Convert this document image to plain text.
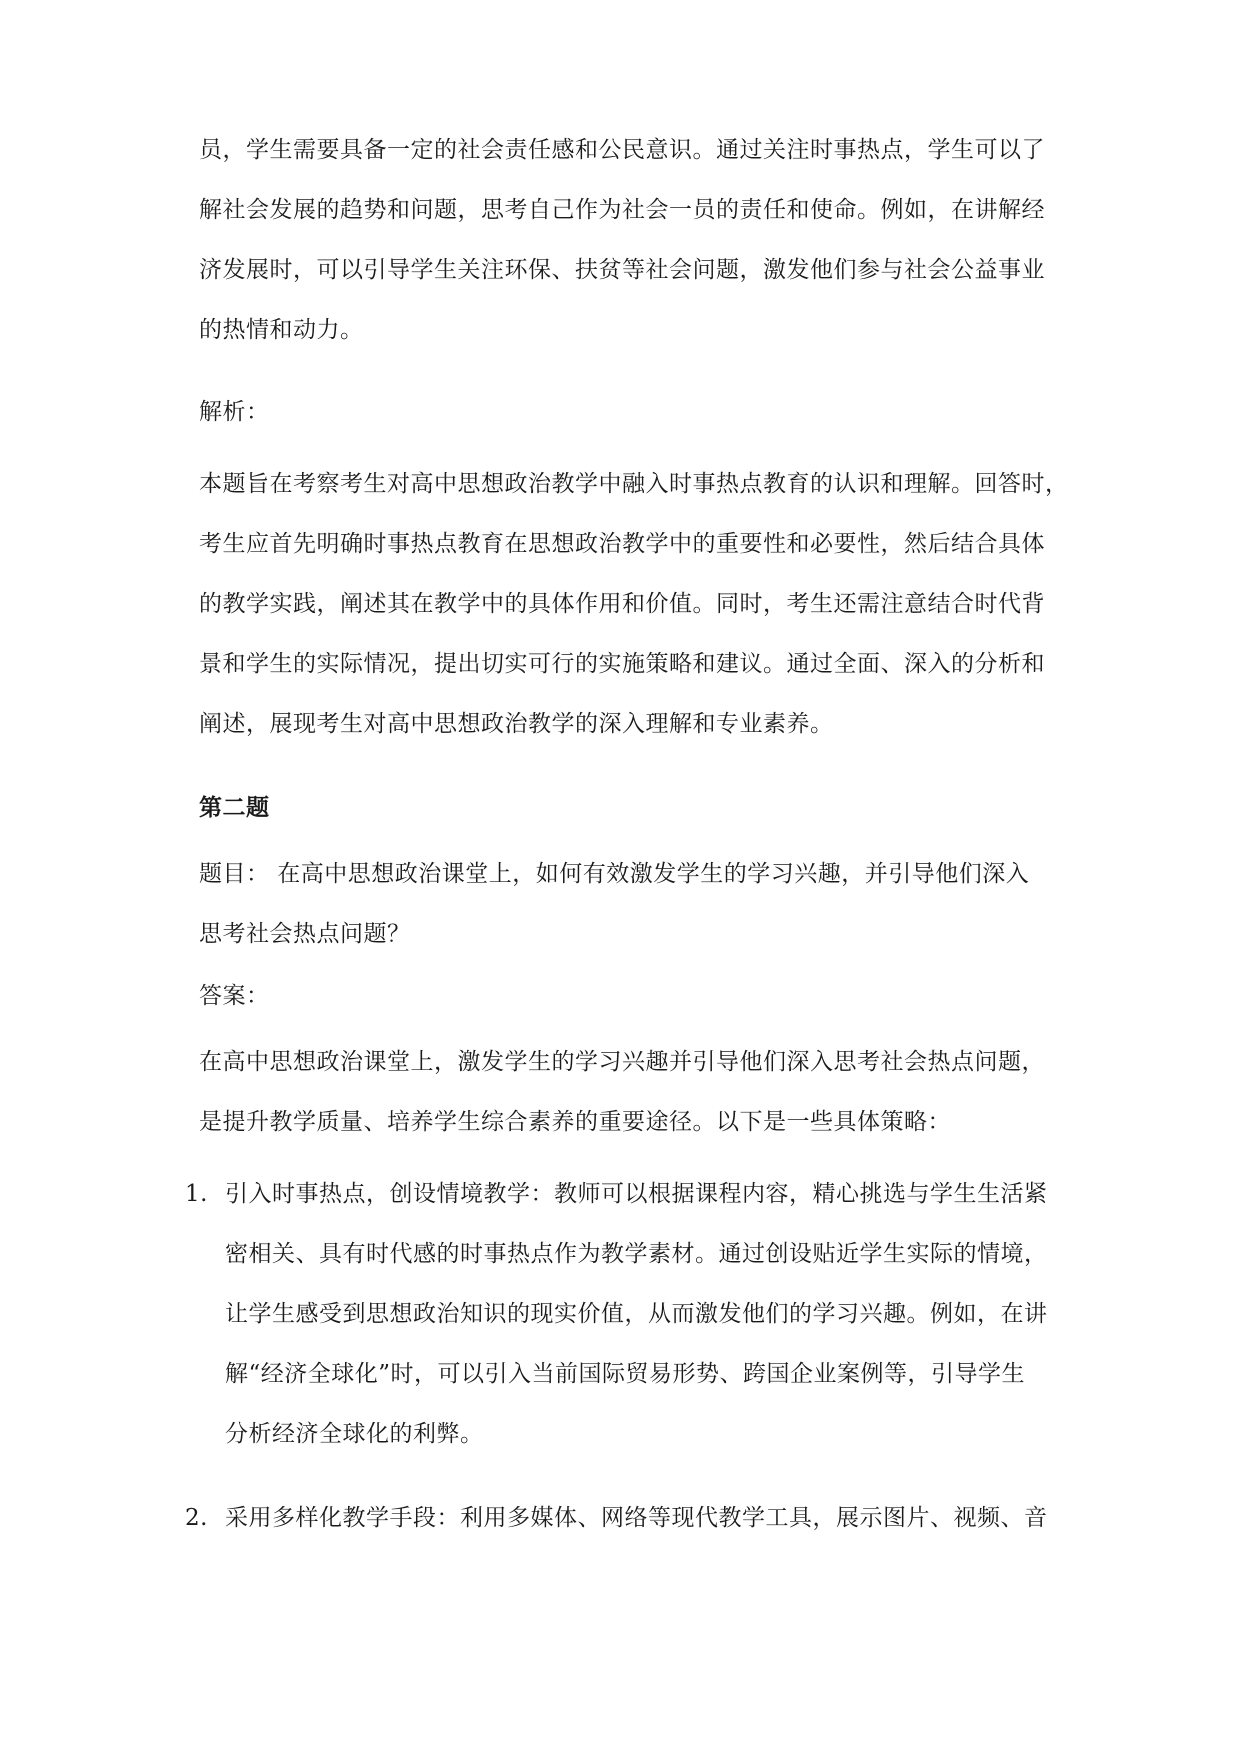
员，学生需要具备一定的社会责任感和公民意识。通过关注时事热点，学生可以了
解社会发展的趋势和问题，思考自己作为社会一员的责任和使命。例如，在讲解经
济发展时，可以引导学生关注环保、扶贫等社会问题，激发他们参与社会公益事业
的热情和动力。
解析：
本题旨在考察考生对高中思想政治教学中融入时事热点教育的认识和理解。回答时，
考生应首先明确时事热点教育在思想政治教学中的重要性和必要性，然后结合具体
的教学实践，阐述其在教学中的具体作用和价值。同时，考生还需注意结合时代背
景和学生的实际情况，提出切实可行的实施策略和建议。通过全面、深入的分析和
阐述，展现考生对高中思想政治教学的深入理解和专业素养。
第二题
题目： 在高中思想政治课堂上，如何有效激发学生的学习兴趣，并引导他们深入
思考社会热点问题？
答案：
在高中思想政治课堂上，激发学生的学习兴趣并引导他们深入思考社会热点问题，
是提升教学质量、培养学生综合素养的重要途径。以下是一些具体策略：
1. 引入时事热点，创设情境教学：教师可以根据课程内容，精心挑选与学生生活紧
密相关、具有时代感的时事热点作为教学素材。通过创设贴近学生实际的情境，
让学生感受到思想政治知识的现实价值，从而激发他们的学习兴趣。例如，在讲
解“经济全球化”时，可以引入当前国际贸易形势、跨国企业案例等，引导学生
分析经济全球化的利弊。
2. 采用多样化教学手段：利用多媒体、网络等现代教学工具，展示图片、视频、音
